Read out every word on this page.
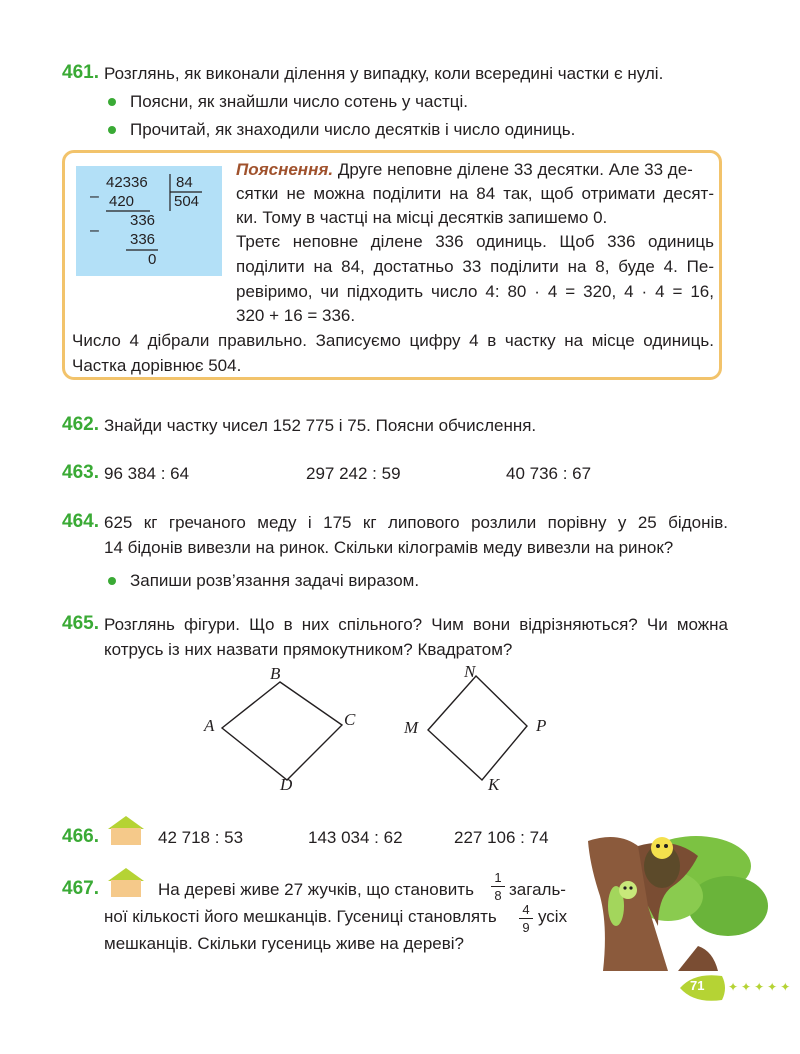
461. Розглянь, як виконали ділення у випадку, коли всередині частки є нулі.
Поясни, як знайшли число сотень у частці.
Прочитай, як знаходили число десятків і число одиниць.
–
42336 84
420	504
–
336
336
0
Пояснення. Друге неповне ділене 33 десятки. Але 33 де-
сятки не можна поділити на 84 так, щоб отримати десят-
ки. Тому в частці на місці десятків запишемо 0.
Третє неповне ділене 336 одиниць. Щоб 336 одиниць
поділити на 84, достатньо 33 поділити на 8, буде 4. Пе-
ревіримо, чи підходить число 4: 80 · 4 = 320, 4 · 4 = 16,
320 + 16 = 336.
Число 4 дібрали правильно. Записуємо цифру 4 в частку на місце одиниць.
Частка дорівнює 504.
462. Знайди частку чисел 152 775 і 75. Поясни обчислення.
463. 96 384 : 64	297 242 : 59	40 736 : 67
464. 625 кг гречаного меду і 175 кг липового розлили порівну у 25 бідонів.
14 бідонів вивезли на ринок. Скільки кілограмів меду вивезли на ринок?
Запиши розв’язання задачі виразом.
465. Розглянь фігури. Що в них спільного? Чим вони відрізняються? Чи можна
котрусь із них назвати прямокутником? Квадратом?
A
B
C
D
M
N
P
K
466.	42 718 : 53	143 034 : 62	227 106 : 74
467.	На дереві живе 27 жучків, що становить
1
8 загаль-
ної кількості його мешканців. Гусениці становлять 4
9
усіх
мешканців. Скільки гусениць живе на дереві?
71 ✦✦✦✦✦
